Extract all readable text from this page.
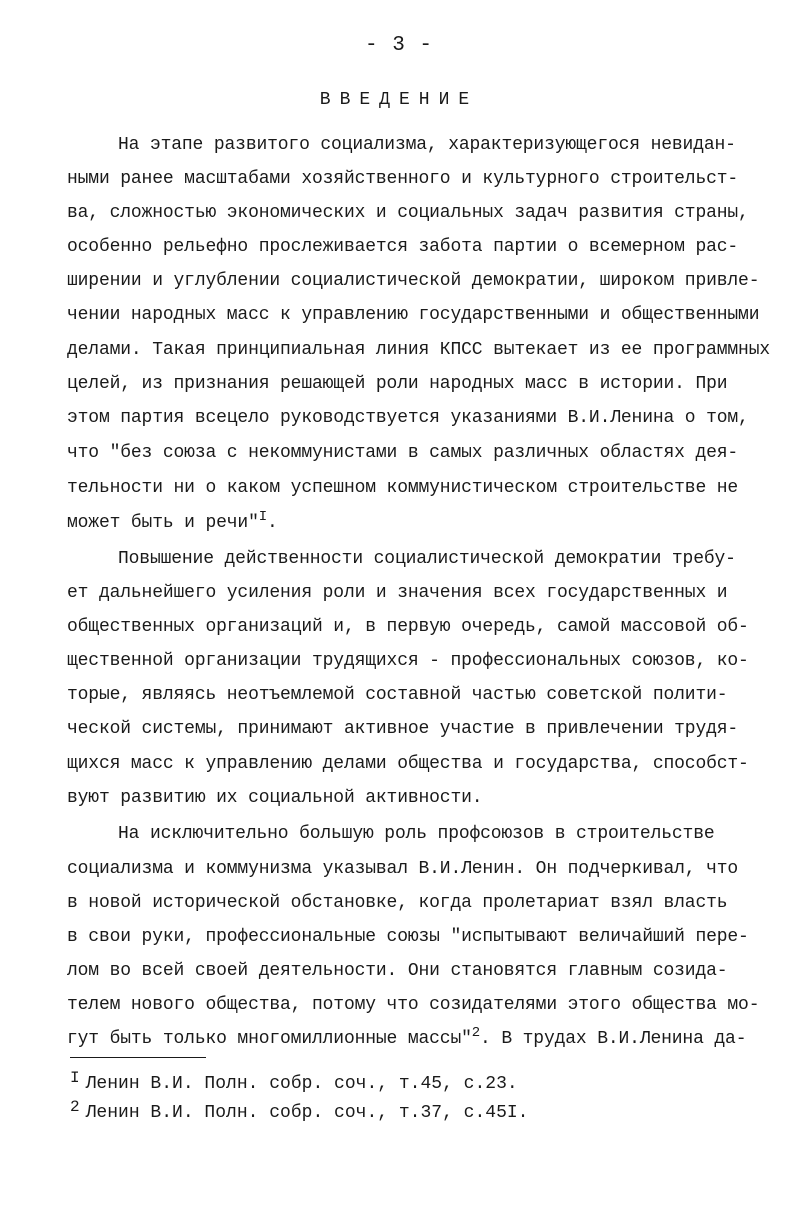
- 3 -
ВВЕДЕНИЕ
На этапе развитого социализма, характеризующегося невидан-
ными ранее масштабами хозяйственного и культурного строительст-
ва, сложностью экономических и социальных задач развития страны,
особенно рельефно прослеживается забота партии о всемерном рас-
ширении и углублении социалистической демократии, широком привле-
чении народных масс к управлению государственными и общественными
делами. Такая принципиальная линия КПСС вытекает из ее программных
целей, из признания решающей роли народных масс в истории. При
этом партия всецело руководствуется указаниями В.И.Ленина о том,
что "без союза с некоммунистами в самых различных областях дея-
тельности ни о каком успешном коммунистическом строительстве не
может быть и речи"$^I$.
Повышение действенности социалистической демократии требу-
ет дальнейшего усиления роли и значения всех государственных и
общественных организаций и, в первую очередь, самой массовой об-
щественной организации трудящихся - профессиональных союзов, ко-
торые, являясь неотъемлемой составной частью советской полити-
ческой системы, принимают активное участие в привлечении трудя-
щихся масс к управлению делами общества и государства, способст-
вуют развитию их социальной активности.
На исключительно большую роль профсоюзов в строительстве
социализма и коммунизма указывал В.И.Ленин. Он подчеркивал, что
в новой исторической обстановке, когда пролетариат взял власть
в свои руки, профессиональные союзы "испытывают величайший пере-
лом во всей своей деятельности. Они становятся главным созида-
телем нового общества, потому что созидателями этого общества мо-
гут быть только многомиллионные массы"$^2$. В трудах В.И.Ленина да-
I Ленин В.И. Полн. собр. соч., т.45, с.23.
2 Ленин В.И. Полн. собр. соч., т.37, с.45I.
